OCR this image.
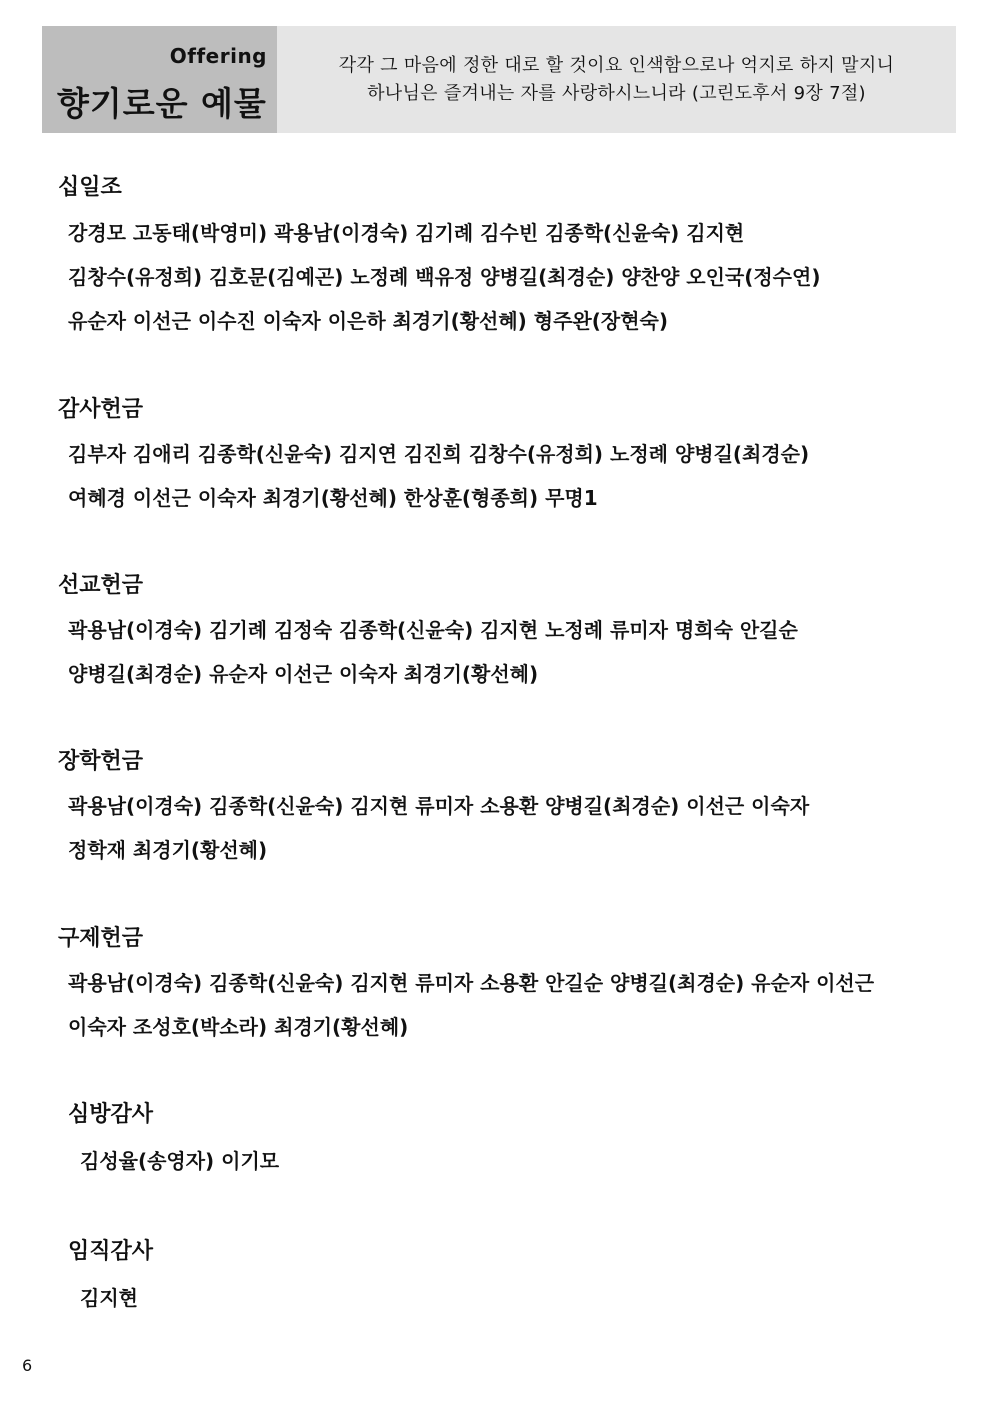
Offering
향기로운 예물
각각 그 마음에 정한 대로 할 것이요 인색함으로나 억지로 하지 말지니
하나님은 즐겨내는 자를 사랑하시느니라 (고린도후서 9장 7절)
십일조
강경모 고동태(박영미) 곽용남(이경숙) 김기례 김수빈 김종학(신윤숙) 김지현
김창수(유정희) 김호문(김예곤) 노정례 백유정 양병길(최경순) 양찬양 오인국(정수연)
유순자 이선근 이수진 이숙자 이은하 최경기(황선혜) 형주완(장현숙)
감사헌금
김부자 김애리 김종학(신윤숙) 김지연 김진희 김창수(유정희) 노정례 양병길(최경순)
여혜경 이선근 이숙자 최경기(황선혜) 한상훈(형종희) 무명1
선교헌금
곽용남(이경숙) 김기례 김정숙 김종학(신윤숙) 김지현 노정례 류미자 명희숙 안길순
양병길(최경순) 유순자 이선근 이숙자 최경기(황선혜)
장학헌금
곽용남(이경숙) 김종학(신윤숙) 김지현 류미자 소용환 양병길(최경순) 이선근 이숙자
정학재 최경기(황선혜)
구제헌금
곽용남(이경숙) 김종학(신윤숙) 김지현 류미자 소용환 안길순 양병길(최경순) 유순자 이선근
이숙자 조성호(박소라) 최경기(황선혜)
심방감사
김성율(송영자) 이기모
임직감사
김지현
6
